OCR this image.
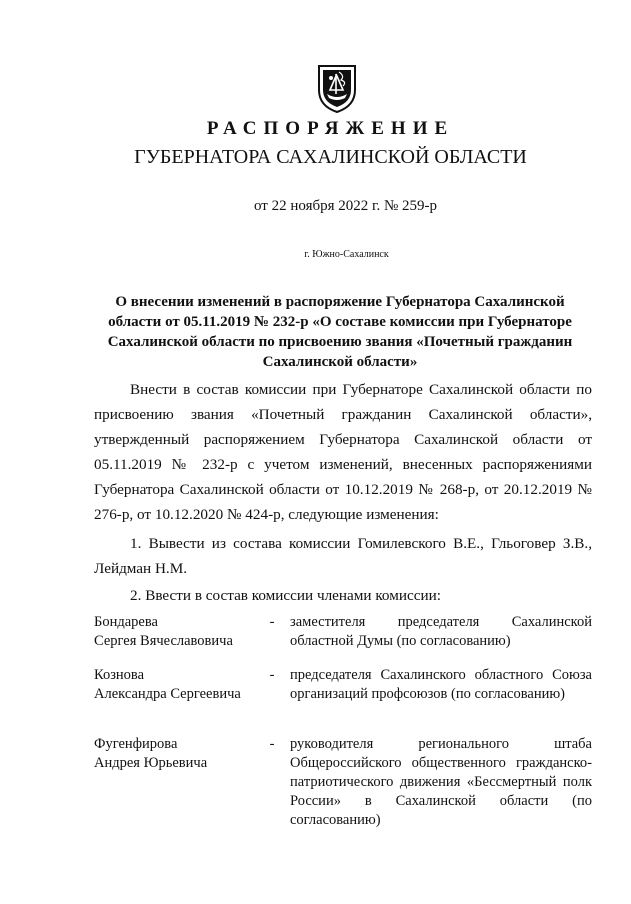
РАСПОРЯЖЕНИЕ
ГУБЕРНАТОРА САХАЛИНСКОЙ ОБЛАСТИ
от 22 ноября 2022 г. № 259-р
г. Южно-Сахалинск
О внесении изменений в распоряжение Губернатора Сахалинской области от 05.11.2019 № 232-р «О составе комиссии при Губернаторе Сахалинской области по присвоению звания «Почетный гражданин Сахалинской области»
Внести в состав комиссии при Губернаторе Сахалинской области по присвоению звания «Почетный гражданин Сахалинской области», утвержденный распоряжением Губернатора Сахалинской области от 05.11.2019 № 232-р с учетом изменений, внесенных распоряжениями Губернатора Сахалинской области от 10.12.2019 № 268-р, от 20.12.2019 № 276-р, от 10.12.2020 № 424-р, следующие изменения:
1. Вывести из состава комиссии Гомилевского В.Е., Гльоговер З.В., Лейдман Н.М.
2. Ввести в состав комиссии членами комиссии:
Бондарева
Сергея Вячеславовича
- заместителя председателя Сахалинской областной Думы (по согласованию)
Кознова
Александра Сергеевича
- председателя Сахалинского областного Союза организаций профсоюзов (по согласованию)
Фугенфирова
Андрея Юрьевича
- руководителя регионального штаба Общероссийского общественного гражданско-патриотического движения «Бессмертный полк России» в Сахалинской области (по согласованию)
